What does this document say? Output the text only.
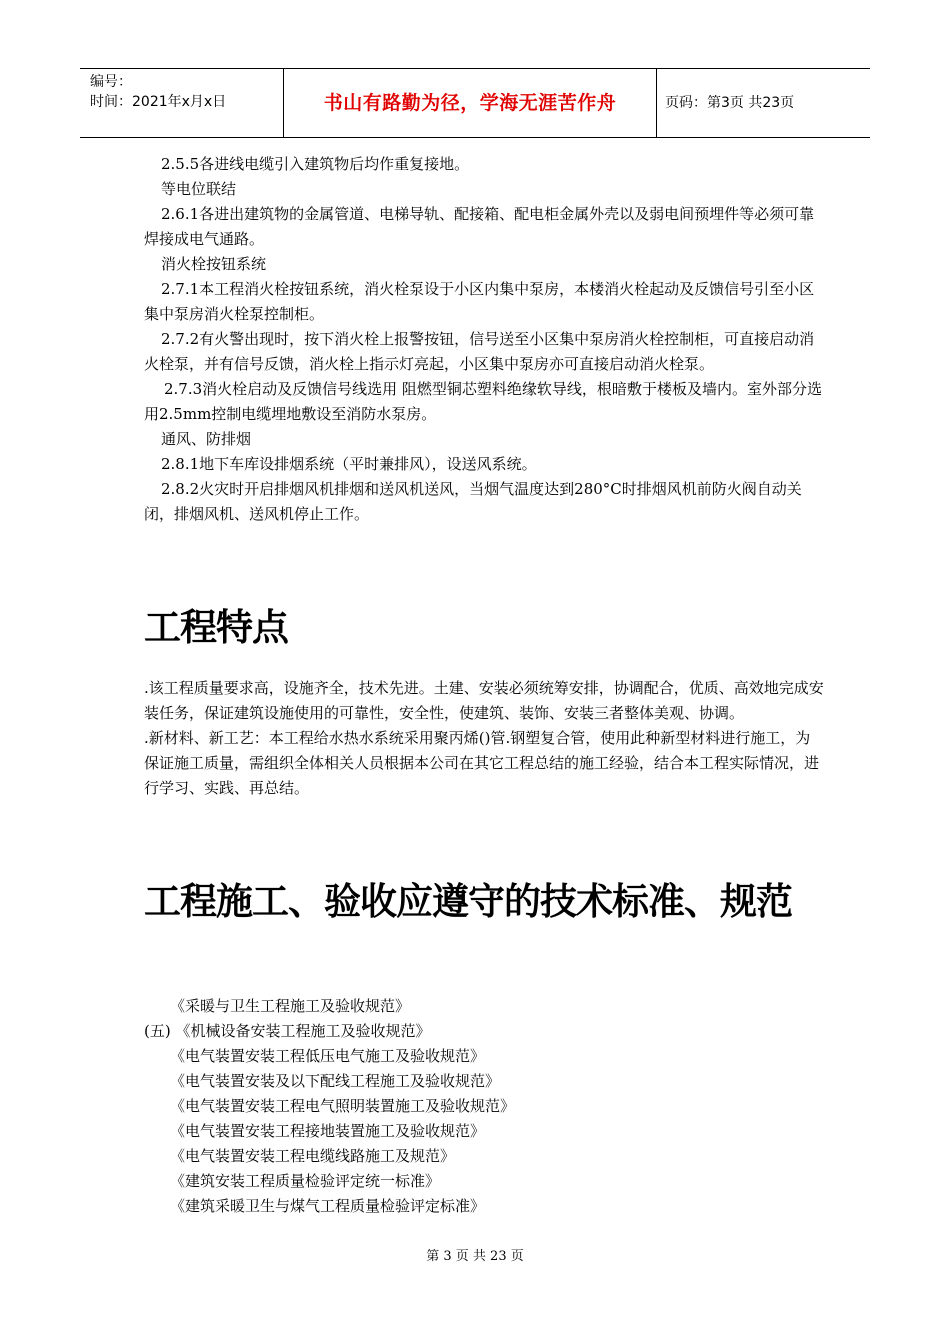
编号：
时间：2021年x月x日	书山有路勤为径，学海无涯苦作舟	页码：第3页 共23页

2.5.5各进线电缆引入建筑物后均作重复接地。

等电位联结

2.6.1各进出建筑物的金属管道、电梯导轨、配接箱、配电柜金属外壳以及弱电间预埋件等必须可靠焊接成电气通路。

消火栓按钮系统

2.7.1本工程消火栓按钮系统，消火栓泵设于小区内集中泵房，本楼消火栓起动及反馈信号引至小区集中泵房消火栓泵控制柜。

2.7.2有火警出现时，按下消火栓上报警按钮，信号送至小区集中泵房消火栓控制柜，可直接启动消火栓泵，并有信号反馈，消火栓上指示灯亮起，小区集中泵房亦可直接启动消火栓泵。

2.7.3消火栓启动及反馈信号线选用 阻燃型铜芯塑料绝缘软导线，根暗敷于楼板及墙内。室外部分选用2.5mm控制电缆埋地敷设至消防水泵房。

通风、防排烟

2.8.1地下车库设排烟系统（平时兼排风），设送风系统。

2.8.2火灾时开启排烟风机排烟和送风机送风，当烟气温度达到280°C时排烟风机前防火阀自动关闭，排烟风机、送风机停止工作。

工程特点

.该工程质量要求高，设施齐全，技术先进。土建、安装必须统筹安排，协调配合，优质、高效地完成安装任务，保证建筑设施使用的可靠性，安全性，使建筑、装饰、安装三者整体美观、协调。

.新材料、新工艺：本工程给水热水系统采用聚丙烯()管.钢塑复合管，使用此种新型材料进行施工，为保证施工质量，需组织全体相关人员根据本公司在其它工程总结的施工经验，结合本工程实际情况，进行学习、实践、再总结。

工程施工、验收应遵守的技术标准、规范
《采暖与卫生工程施工及验收规范》
(五) 《机械设备安装工程施工及验收规范》
《电气装置安装工程低压电气施工及验收规范》
《电气装置安装及以下配线工程施工及验收规范》
《电气装置安装工程电气照明装置施工及验收规范》
《电气装置安装工程接地装置施工及验收规范》
《电气装置安装工程电缆线路施工及规范》
《建筑安装工程质量检验评定统一标准》
《建筑采暖卫生与煤气工程质量检验评定标准》
第 3 页 共 23 页
